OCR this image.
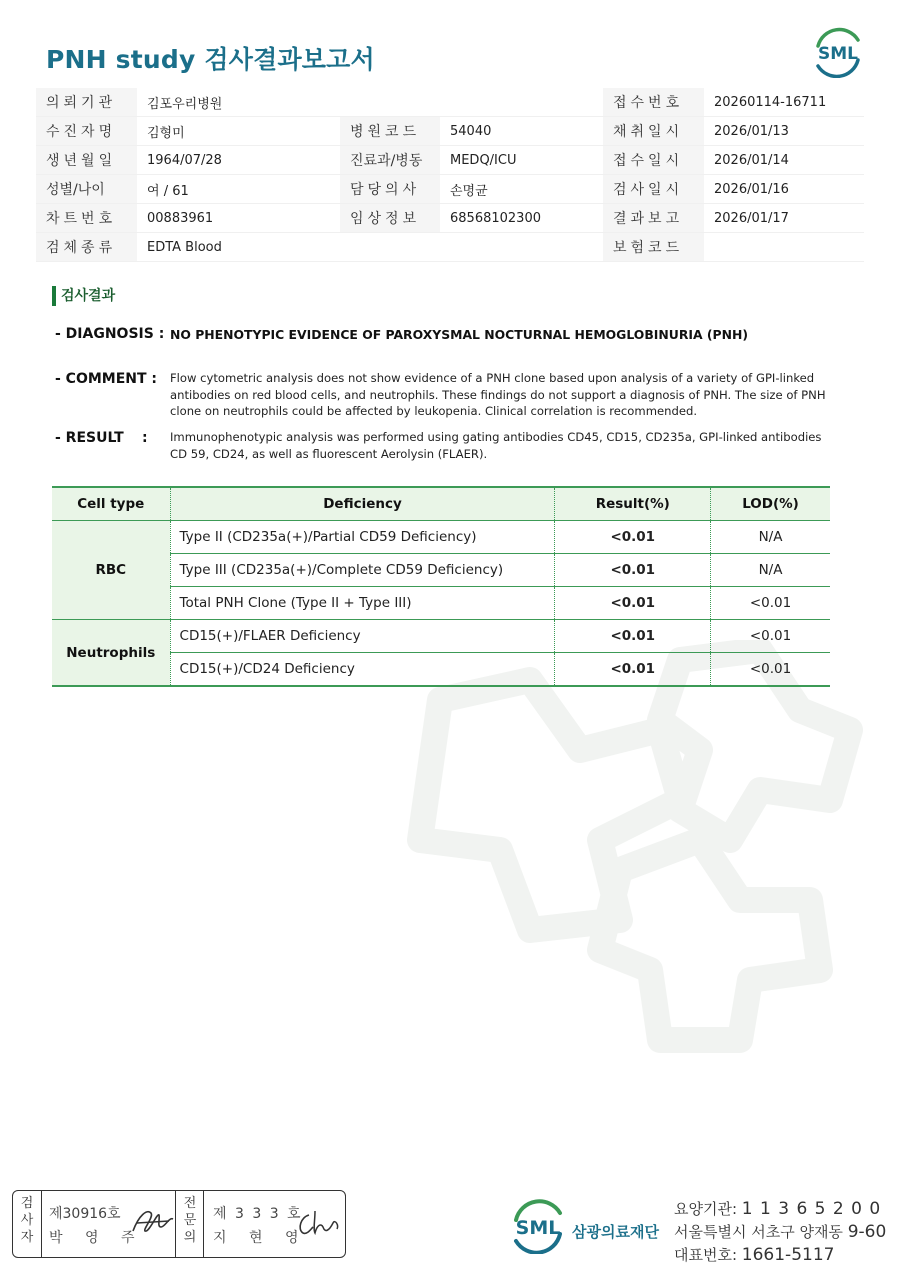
PNH study 검사결과보고서	SML
의뢰기관	김포우리병원			접수번호	20260114-16711
수진자명	김형미	병원코드	54040	채취일시	2026/01/13
생년월일	1964/07/28	진료과/병동	MEDQ/ICU	접수일시	2026/01/14
성별/나이	여 / 61	담당의사	손명균	검사일시	2026/01/16
차트번호	00883961	임상정보	68568102300	결과보고	2026/01/17
검체종류	EDTA Blood			보험코드	
검사결과
- DIAGNOSIS : NO PHENOTYPIC EVIDENCE OF PAROXYSMAL NOCTURNAL HEMOGLOBINURIA (PNH)
- COMMENT : Flow cytometric analysis does not show evidence of a PNH clone based upon analysis of a variety of GPI-linked antibodies on red blood cells, and neutrophils. These findings do not support a diagnosis of PNH. The size of PNH clone on neutrophils could be affected by leukopenia. Clinical correlation is recommended.
- RESULT : Immunophenotypic analysis was performed using gating antibodies CD45, CD15, CD235a, GPI-linked antibodies CD 59, CD24, as well as fluorescent Aerolysin (FLAER).
Cell type	Deficiency	Result(%)	LOD(%)
RBC	Type II (CD235a(+)/Partial CD59 Deficiency)	<0.01	N/A
	Type III (CD235a(+)/Complete CD59 Deficiency)	<0.01	N/A
	Total PNH Clone (Type II + Type III)	<0.01	<0.01
Neutrophils	CD15(+)/FLAER Deficiency	<0.01	<0.01
	CD15(+)/CD24 Deficiency	<0.01	<0.01
검
사
자
제30916호
박 영 주
전
문
의
제 3 3 3 호
지 현 영	SML 삼광의료재단
요양기관: 1 1 3 6 5 2 0 0
서울특별시 서초구 양재동 9-60
대표번호: 1661-5117
